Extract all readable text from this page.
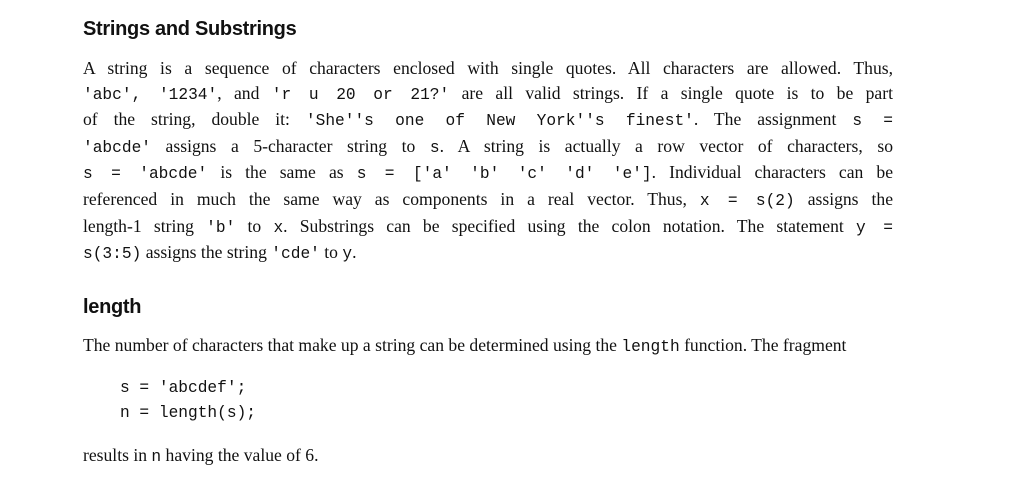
Strings and Substrings
A string is a sequence of characters enclosed with single quotes. All characters are allowed. Thus,
'abc', '1234', and 'r u 20 or 21?' are all valid strings. If a single quote is to be part
of the string, double it: 'She''s one of New York''s finest'. The assignment s =
'abcde' assigns a 5-character string to s. A string is actually a row vector of characters, so
s = 'abcde' is the same as s = ['a' 'b' 'c' 'd' 'e']. Individual characters can be
referenced in much the same way as components in a real vector. Thus, x = s(2) assigns the
length-1 string 'b' to x. Substrings can be specified using the colon notation. The statement y =
s(3:5) assigns the string 'cde' to y.
length
The number of characters that make up a string can be determined using the length function. The fragment
s = 'abcdef';
n = length(s);
results in n having the value of 6.
